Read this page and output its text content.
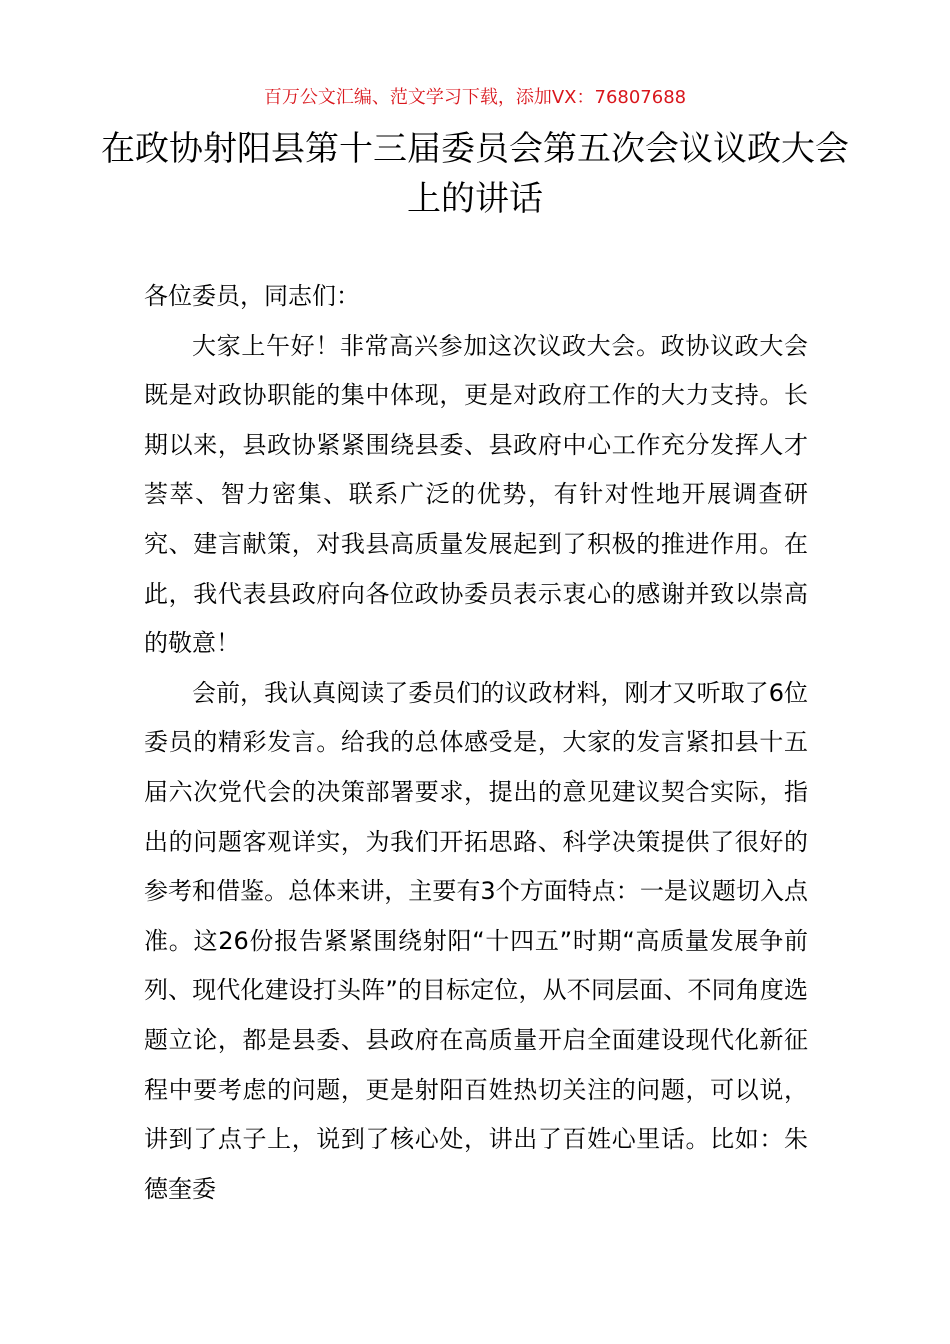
百万公文汇编、范文学习下载，添加VX：76807688
在政协射阳县第十三届委员会第五次会议议政大会上的讲话

各位委员，同志们：

大家上午好！非常高兴参加这次议政大会。政协议政大会既是对政协职能的集中体现，更是对政府工作的大力支持。长期以来，县政协紧紧围绕县委、县政府中心工作充分发挥人才荟萃、智力密集、联系广泛的优势，有针对性地开展调查研究、建言献策，对我县高质量发展起到了积极的推进作用。在此，我代表县政府向各位政协委员表示衷心的感谢并致以崇高的敬意！

会前，我认真阅读了委员们的议政材料，刚才又听取了6位委员的精彩发言。给我的总体感受是，大家的发言紧扣县十五届六次党代会的决策部署要求，提出的意见建议契合实际，指出的问题客观详实，为我们开拓思路、科学决策提供了很好的参考和借鉴。总体来讲，主要有3个方面特点：一是议题切入点准。这26份报告紧紧围绕射阳“十四五”时期“高质量发展争前列、现代化建设打头阵”的目标定位，从不同层面、不同角度选题立论，都是县委、县政府在高质量开启全面建设现代化新征程中要考虑的问题，更是射阳百姓热切关注的问题，可以说，讲到了点子上，说到了核心处，讲出了百姓心里话。比如：朱德奎委
